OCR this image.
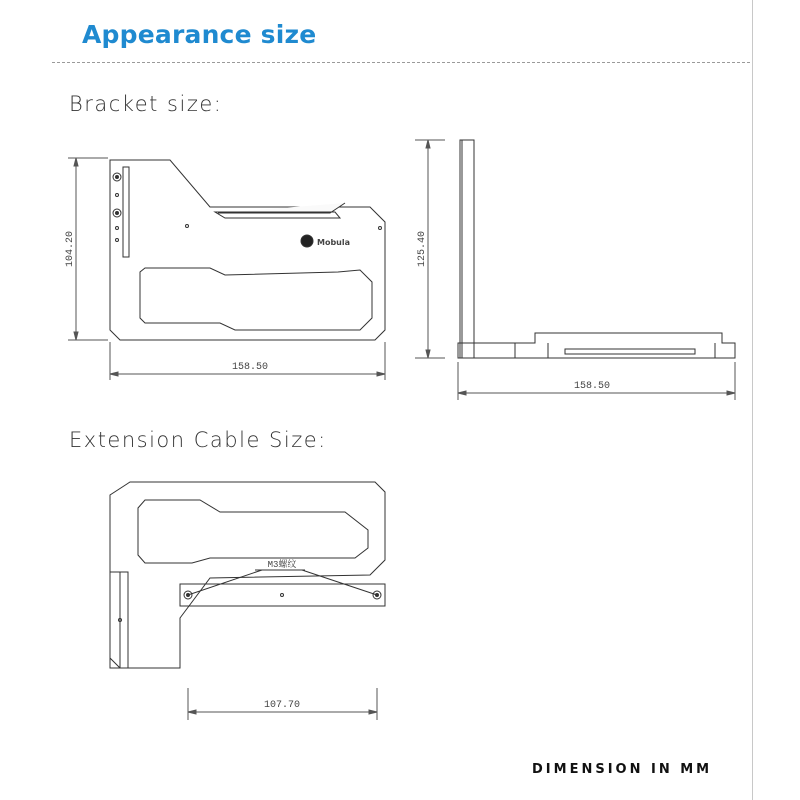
Appearance size
Bracket size:
Extension Cable Size:
Mobula
104.20
158.50
125.40
158.50
107.70
M3螺纹
DIMENSION IN MM
